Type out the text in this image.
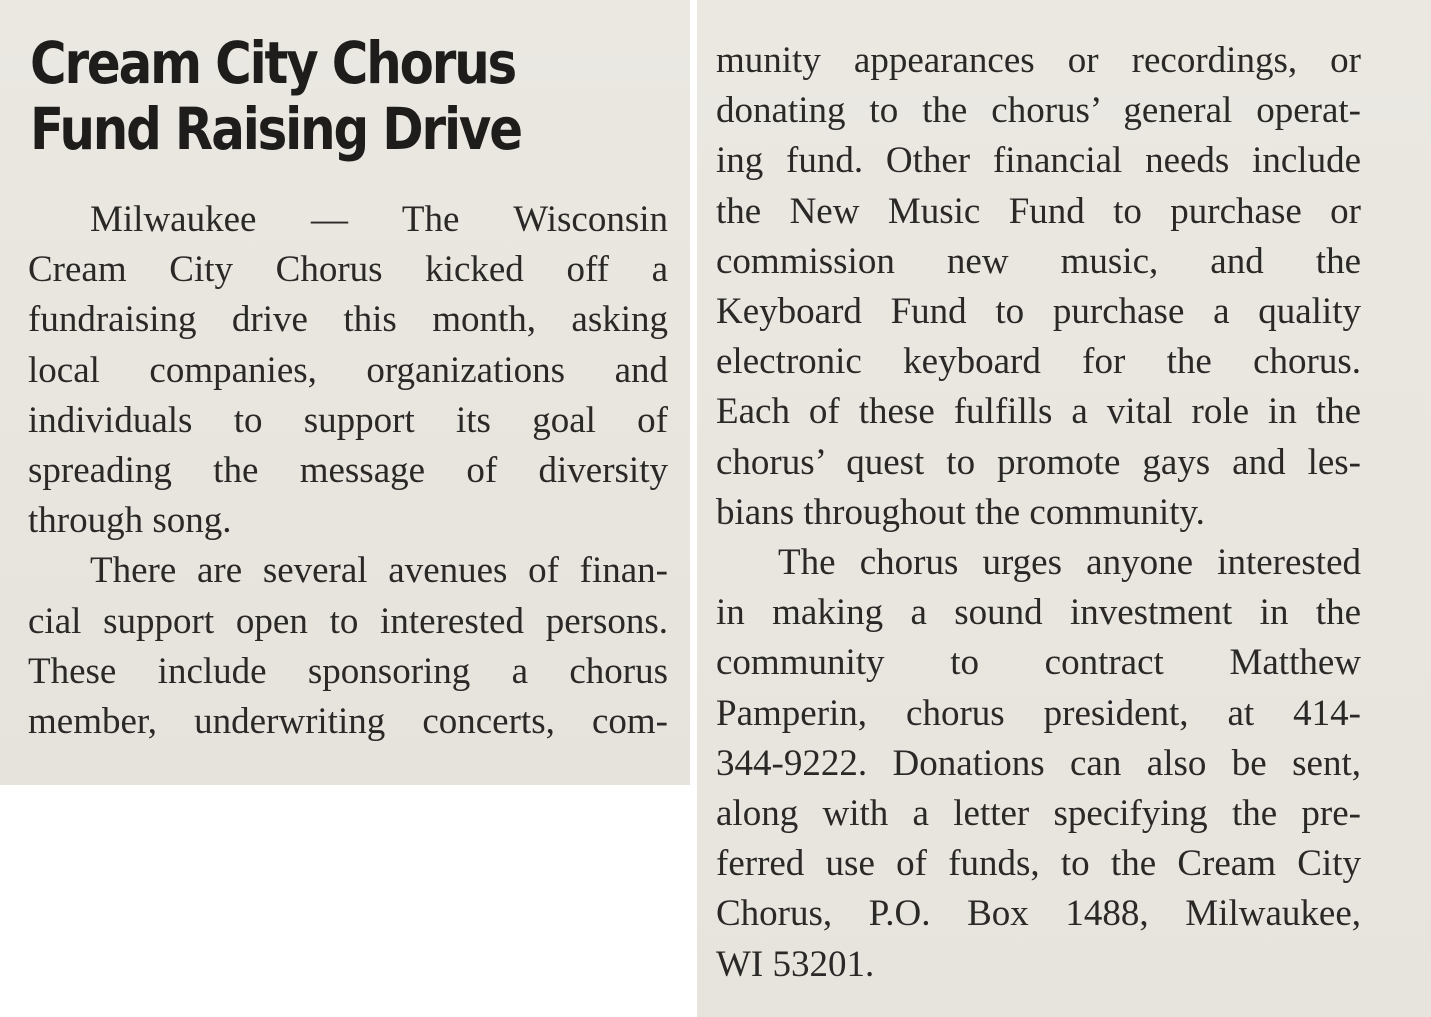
Cream City Chorus
Fund Raising Drive
Milwaukee — The Wisconsin
Cream City Chorus kicked off a
fundraising drive this month, asking
local companies, organizations and
individuals to support its goal of
spreading the message of diversity
through song.
There are several avenues of finan-
cial support open to interested persons.
These include sponsoring a chorus
member, underwriting concerts, com-
munity appearances or recordings, or
donating to the chorus’ general operat-
ing fund. Other financial needs include
the New Music Fund to purchase or
commission new music, and the
Keyboard Fund to purchase a quality
electronic keyboard for the chorus.
Each of these fulfills a vital role in the
chorus’ quest to promote gays and les-
bians throughout the community.
The chorus urges anyone interested
in making a sound investment in the
community to contract Matthew
Pamperin, chorus president, at 414-
344-9222. Donations can also be sent,
along with a letter specifying the pre-
ferred use of funds, to the Cream City
Chorus, P.O. Box 1488, Milwaukee,
WI 53201.
